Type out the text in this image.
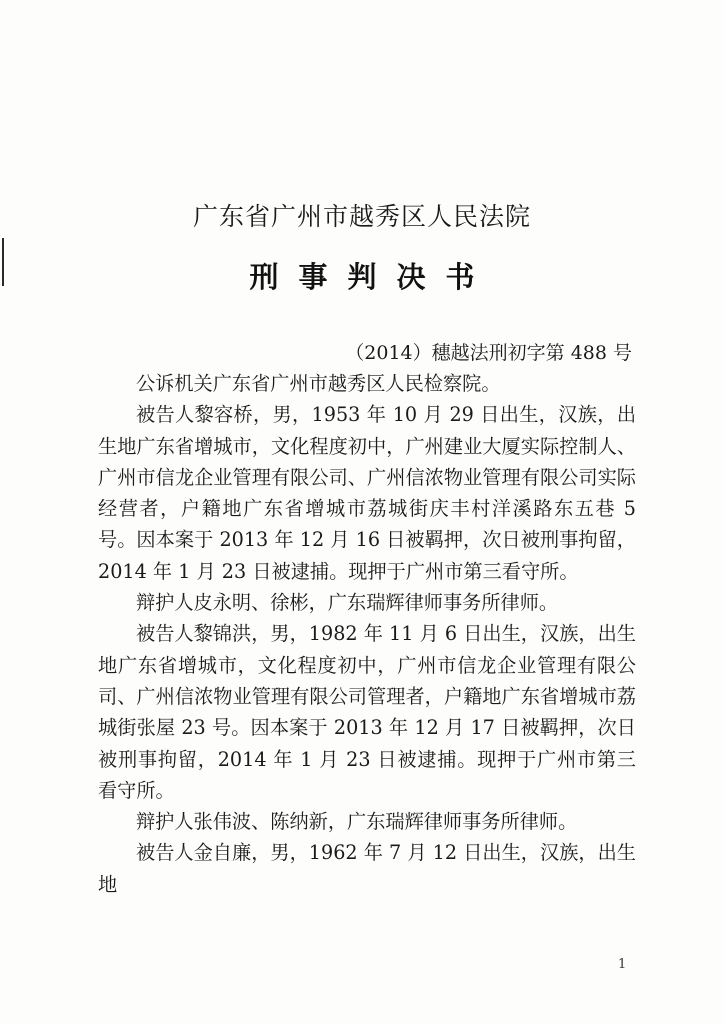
广东省广州市越秀区人民法院
刑事判决书
（2014）穗越法刑初字第 488 号

公诉机关广东省广州市越秀区人民检察院。

被告人黎容桥，男，1953 年 10 月 29 日出生，汉族，出生地广东省增城市，文化程度初中，广州建业大厦实际控制人、广州市信龙企业管理有限公司、广州信浓物业管理有限公司实际经营者，户籍地广东省增城市荔城街庆丰村洋溪路东五巷 5 号。因本案于 2013 年 12 月 16 日被羁押，次日被刑事拘留，2014 年 1 月 23 日被逮捕。现押于广州市第三看守所。

辩护人皮永明、徐彬，广东瑞辉律师事务所律师。

被告人黎锦洪，男，1982 年 11 月 6 日出生，汉族，出生地广东省增城市，文化程度初中，广州市信龙企业管理有限公司、广州信浓物业管理有限公司管理者，户籍地广东省增城市荔城街张屋 23 号。因本案于 2013 年 12 月 17 日被羁押，次日被刑事拘留，2014 年 1 月 23 日被逮捕。现押于广州市第三看守所。

辩护人张伟波、陈纳新，广东瑞辉律师事务所律师。

被告人金自廉，男，1962 年 7 月 12 日出生，汉族，出生地

1
